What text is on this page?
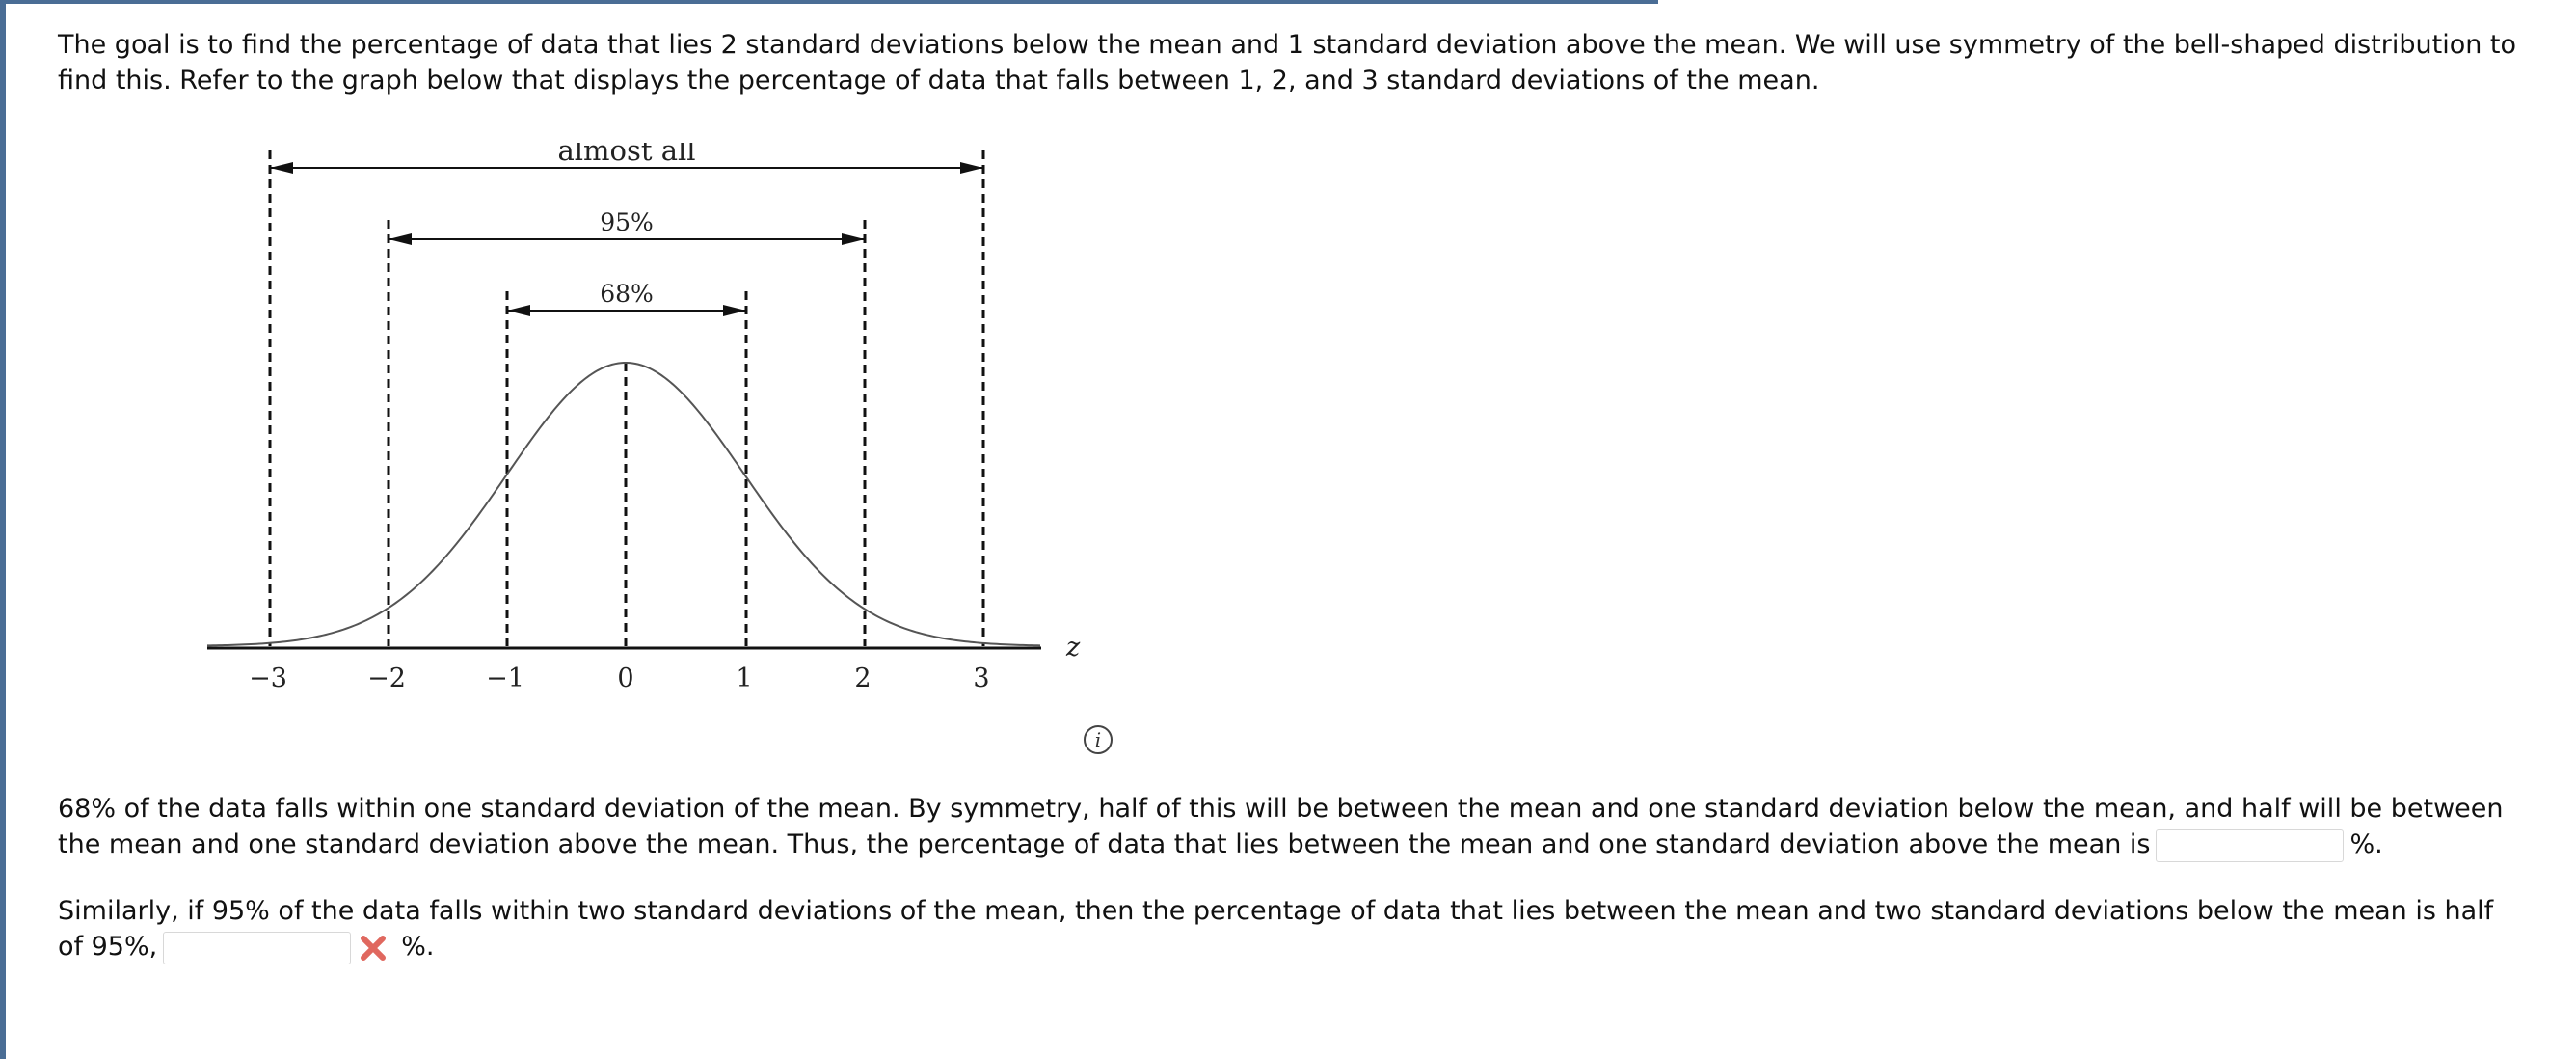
The goal is to find the percentage of data that lies 2 standard deviations below the mean and 1 standard deviation above the mean. We will use symmetry of the bell-shaped distribution to find this. Refer to the graph below that displays the percentage of data that falls between 1, 2, and 3 standard deviations of the mean.

almost all
95%
68%
z
−3	−2	−1	0	1	2	3
i

68% of the data falls within one standard deviation of the mean. By symmetry, half of this will be between the mean and one standard deviation below the mean, and half will be between the mean and one standard deviation above the mean. Thus, the percentage of data that lies between the mean and one standard deviation above the mean is	%.

Similarly, if 95% of the data falls within two standard deviations of the mean, then the percentage of data that lies between the mean and two standard deviations below the mean is half of 95%,	%.
